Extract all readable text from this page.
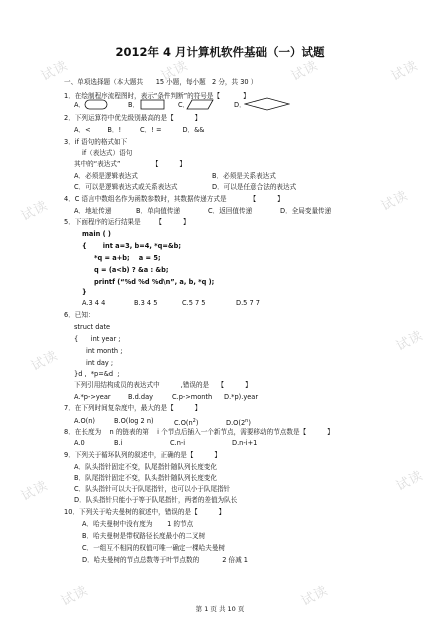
试读	试读	试读	试读
试读	试读
试读
试读
试读	试读
试读	试读
2012年 4 月计算机软件基础（一）试题
一、单项选择题（本大题共      15 小题，每小题   2 分，共 30 ）
1．在绘制程序流程图时，表示“条件判断”的符号是【           】
A．	B．	C．	D．
2．下列运算符中优先级别最高的是【          】
A．<        B．!         C．! =          D．&&
3．if 语句的格式如下
if（表达式）语句
其中的“表达式”               【          】
A．必须是逻辑表达式	B．必须是关系表达式
C．可以是逻辑表达式或关系表达式	D．可以是任意合法的表达式
4．C 语言中数组名作为函数参数时，其数据传递方式是           【          】
A．地址传递	B．单向值传递	C．返回值传递	D．全局变量传递
5．下面程序的运行结果是       【          】
main ( )
{       int a=3, b=4, *q=&b;
*q = a+b;    a = 5;
q = (a<b) ? &a : &b;
printf (“%d %d %d\n”, a, b, *q );
}
A.3 4 4	B.3 4 5	C.5 7 5	D.5 7 7
6．已知：
struct date
{      int year ;
int month ;
int day ;
}d ,  *p=&d  ;
下列引用结构成员的表达式中          ,错误的是    【          】
A.*p->year	B.d.day	C.p->month D.*p).year
7．在下列时间复杂度中，最大的是【          】
A.O(n)	B.O(log 2 n)	$C.O(n^2)$	D.O(2$^n$)
8．在长度为    n 的链表的第    i 个节点后插入一个新节点，需要移动的节点数是【          】
A.0	B.i	C.n-i	D.n-i+1
9．下列关于循环队列的叙述中，正确的是【          】
A．队头指针固定不变，队尾指针随队列长度变化
B．队尾指针固定不变，队头指针随队列长度变化
C．队头指针可以大于队尾指针，也可以小于队尾指针
D．队头指针只能小于等于队尾指针，两者的差值为队长
10．下列关于哈夫曼树的叙述中，错误的是【          】
A．哈夫曼树中没有度为       1 的节点
B．哈夫曼树是带权路径长度最小的二叉树
C．一组互不相同的权值可唯一确定一棵哈夫曼树
D．哈夫曼树的节点总数等于叶节点数的           2 倍减 1
第 1 页 共 10 页
